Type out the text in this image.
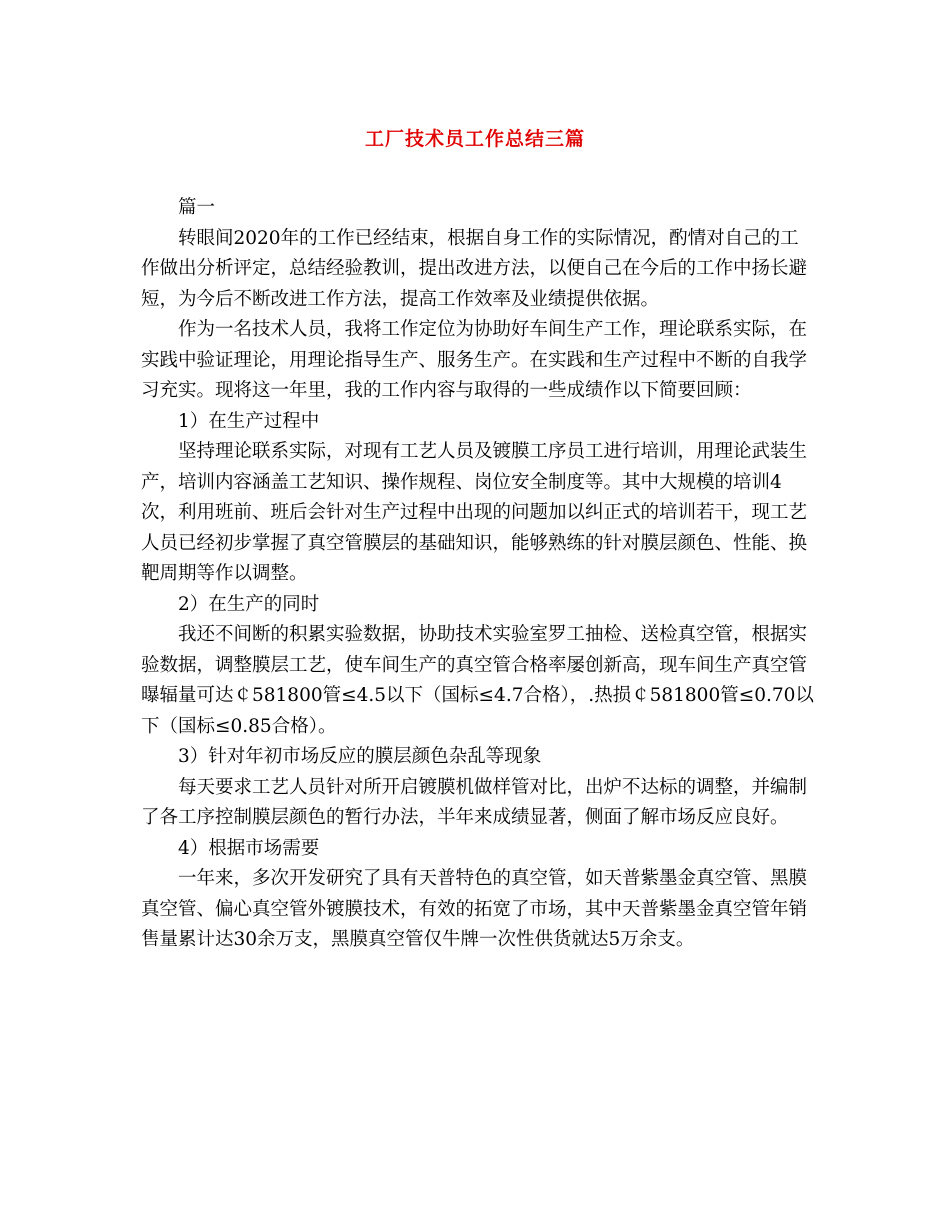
工厂技术员工作总结三篇

篇一

转眼间2020年的工作已经结束，根据自身工作的实际情况，酌情对自己的工作做出分析评定，总结经验教训，提出改进方法，以便自己在今后的工作中扬长避短，为今后不断改进工作方法，提高工作效率及业绩提供依据。

作为一名技术人员，我将工作定位为协助好车间生产工作，理论联系实际，在实践中验证理论，用理论指导生产、服务生产。在实践和生产过程中不断的自我学习充实。现将这一年里，我的工作内容与取得的一些成绩作以下简要回顾：

1）在生产过程中

坚持理论联系实际，对现有工艺人员及镀膜工序员工进行培训，用理论武装生产，培训内容涵盖工艺知识、操作规程、岗位安全制度等。其中大规模的培训4次，利用班前、班后会针对生产过程中出现的问题加以纠正式的培训若干，现工艺人员已经初步掌握了真空管膜层的基础知识，能够熟练的针对膜层颜色、性能、换靶周期等作以调整。

2）在生产的同时

我还不间断的积累实验数据，协助技术实验室罗工抽检、送检真空管，根据实验数据，调整膜层工艺，使车间生产的真空管合格率屡创新高，现车间生产真空管曝辐量可达￠581800管≤4.5以下（国标≤4.7合格），.热损￠581800管≤0.70以下（国标≤0.85合格）。

3）针对年初市场反应的膜层颜色杂乱等现象

每天要求工艺人员针对所开启镀膜机做样管对比，出炉不达标的调整，并编制了各工序控制膜层颜色的暂行办法，半年来成绩显著，侧面了解市场反应良好。

4）根据市场需要

一年来，多次开发研究了具有天普特色的真空管，如天普紫墨金真空管、黑膜真空管、偏心真空管外镀膜技术，有效的拓宽了市场，其中天普紫墨金真空管年销售量累计达30余万支，黑膜真空管仅牛牌一次性供货就达5万余支。
